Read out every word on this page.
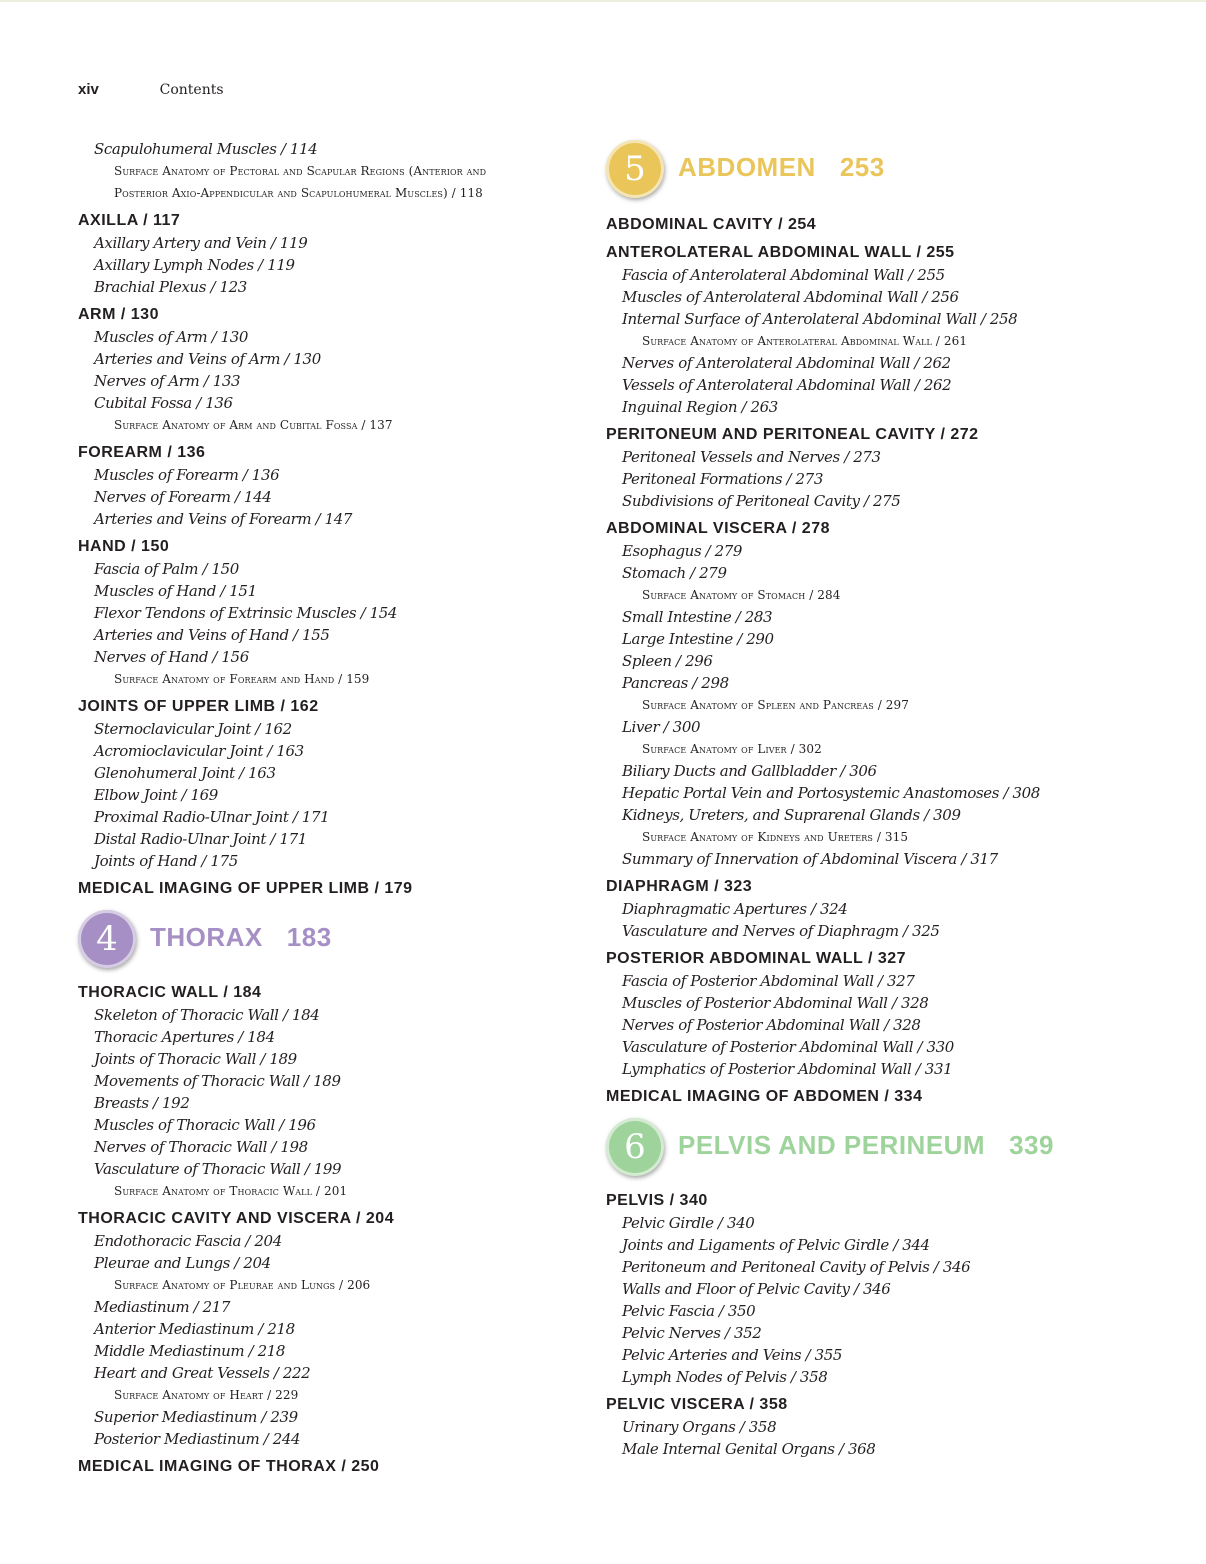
xiv	Contents
Scapulohumeral Muscles / 114
Surface Anatomy of Pectoral and Scapular Regions (Anterior and
Posterior Axio-Appendicular and Scapulohumeral Muscles) / 118
AXILLA / 117
Axillary Artery and Vein / 119
Axillary Lymph Nodes / 119
Brachial Plexus / 123
ARM / 130
Muscles of Arm / 130
Arteries and Veins of Arm / 130
Nerves of Arm / 133
Cubital Fossa / 136
Surface Anatomy of Arm and Cubital Fossa / 137
FOREARM / 136
Muscles of Forearm / 136
Nerves of Forearm / 144
Arteries and Veins of Forearm / 147
HAND / 150
Fascia of Palm / 150
Muscles of Hand / 151
Flexor Tendons of Extrinsic Muscles / 154
Arteries and Veins of Hand / 155
Nerves of Hand / 156
Surface Anatomy of Forearm and Hand / 159
JOINTS OF UPPER LIMB / 162
Sternoclavicular Joint / 162
Acromioclavicular Joint / 163
Glenohumeral Joint / 163
Elbow Joint / 169
Proximal Radio-Ulnar Joint / 171
Distal Radio-Ulnar Joint / 171
Joints of Hand / 175
MEDICAL IMAGING OF UPPER LIMB / 179
4	THORAX 183
THORACIC WALL / 184
Skeleton of Thoracic Wall / 184
Thoracic Apertures / 184
Joints of Thoracic Wall / 189
Movements of Thoracic Wall / 189
Breasts / 192
Muscles of Thoracic Wall / 196
Nerves of Thoracic Wall / 198
Vasculature of Thoracic Wall / 199
Surface Anatomy of Thoracic Wall / 201
THORACIC CAVITY AND VISCERA / 204
Endothoracic Fascia / 204
Pleurae and Lungs / 204
Surface Anatomy of Pleurae and Lungs / 206
Mediastinum / 217
Anterior Mediastinum / 218
Middle Mediastinum / 218
Heart and Great Vessels / 222
Surface Anatomy of Heart / 229
Superior Mediastinum / 239
Posterior Mediastinum / 244
MEDICAL IMAGING OF THORAX / 250
5	ABDOMEN 253
ABDOMINAL CAVITY / 254
ANTEROLATERAL ABDOMINAL WALL / 255
Fascia of Anterolateral Abdominal Wall / 255
Muscles of Anterolateral Abdominal Wall / 256
Internal Surface of Anterolateral Abdominal Wall / 258
Surface Anatomy of Anterolateral Abdominal Wall / 261
Nerves of Anterolateral Abdominal Wall / 262
Vessels of Anterolateral Abdominal Wall / 262
Inguinal Region / 263
PERITONEUM AND PERITONEAL CAVITY / 272
Peritoneal Vessels and Nerves / 273
Peritoneal Formations / 273
Subdivisions of Peritoneal Cavity / 275
ABDOMINAL VISCERA / 278
Esophagus / 279
Stomach / 279
Surface Anatomy of Stomach / 284
Small Intestine / 283
Large Intestine / 290
Spleen / 296
Pancreas / 298
Surface Anatomy of Spleen and Pancreas / 297
Liver / 300
Surface Anatomy of Liver / 302
Biliary Ducts and Gallbladder / 306
Hepatic Portal Vein and Portosystemic Anastomoses / 308
Kidneys, Ureters, and Suprarenal Glands / 309
Surface Anatomy of Kidneys and Ureters / 315
Summary of Innervation of Abdominal Viscera / 317
DIAPHRAGM / 323
Diaphragmatic Apertures / 324
Vasculature and Nerves of Diaphragm / 325
POSTERIOR ABDOMINAL WALL / 327
Fascia of Posterior Abdominal Wall / 327
Muscles of Posterior Abdominal Wall / 328
Nerves of Posterior Abdominal Wall / 328
Vasculature of Posterior Abdominal Wall / 330
Lymphatics of Posterior Abdominal Wall / 331
MEDICAL IMAGING OF ABDOMEN / 334
6	PELVIS AND PERINEUM 339
PELVIS / 340
Pelvic Girdle / 340
Joints and Ligaments of Pelvic Girdle / 344
Peritoneum and Peritoneal Cavity of Pelvis / 346
Walls and Floor of Pelvic Cavity / 346
Pelvic Fascia / 350
Pelvic Nerves / 352
Pelvic Arteries and Veins / 355
Lymph Nodes of Pelvis / 358
PELVIC VISCERA / 358
Urinary Organs / 358
Male Internal Genital Organs / 368
